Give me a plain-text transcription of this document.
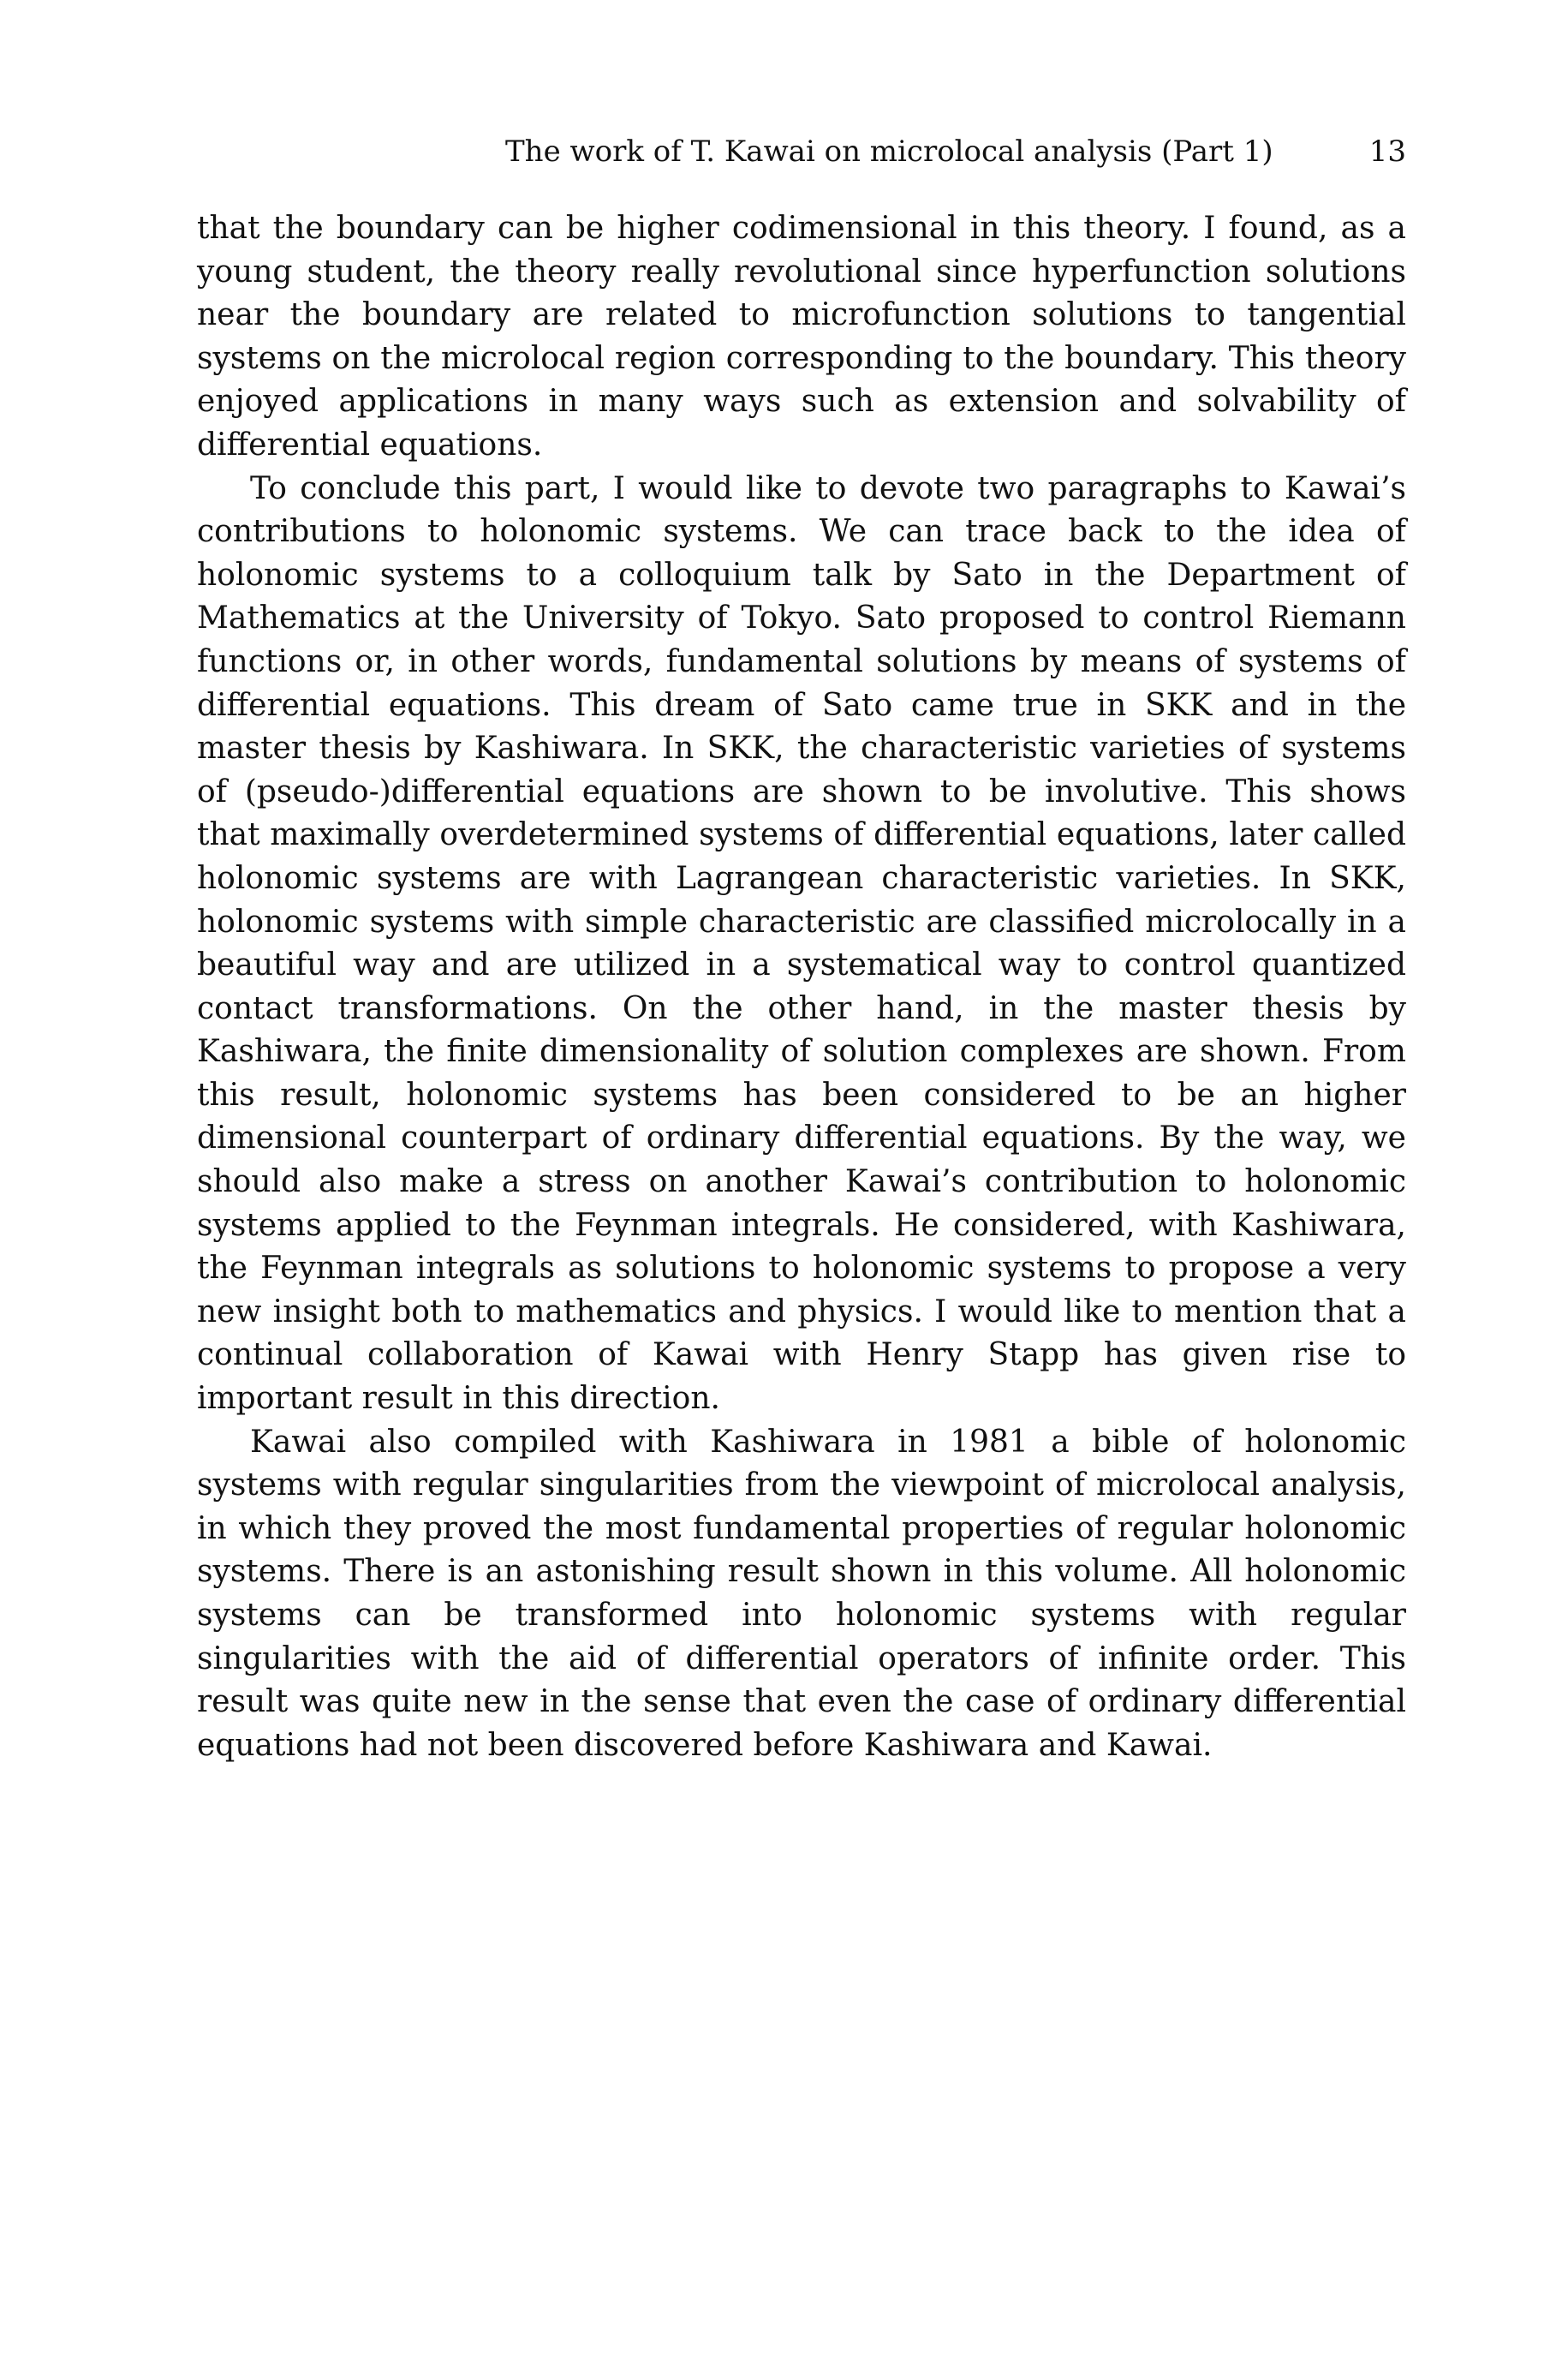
The work of T. Kawai on microlocal analysis (Part 1)	13

that the boundary can be higher codimensional in this theory. I found, as a young student, the theory really revolutional since hyperfunction solutions near the boundary are related to microfunction solutions to tangential systems on the microlocal region corresponding to the boundary. This theory enjoyed applications in many ways such as extension and solvability of differential equations.

To conclude this part, I would like to devote two paragraphs to Kawai’s contributions to holonomic systems. We can trace back to the idea of holonomic systems to a colloquium talk by Sato in the Department of Mathematics at the University of Tokyo. Sato proposed to control Riemann functions or, in other words, fundamental solutions by means of systems of differential equations. This dream of Sato came true in SKK and in the master thesis by Kashiwara. In SKK, the characteristic varieties of systems of (pseudo-)differential equations are shown to be involutive. This shows that maximally overdetermined systems of differential equations, later called holonomic systems are with Lagrangean characteristic varieties. In SKK, holonomic systems with simple characteristic are classified microlocally in a beautiful way and are utilized in a systematical way to control quantized contact transformations. On the other hand, in the master thesis by Kashiwara, the finite dimensionality of solution complexes are shown. From this result, holonomic systems has been considered to be an higher dimensional counterpart of ordinary differential equations. By the way, we should also make a stress on another Kawai’s contribution to holonomic systems applied to the Feynman integrals. He considered, with Kashiwara, the Feynman integrals as solutions to holonomic systems to propose a very new insight both to mathematics and physics. I would like to mention that a continual collaboration of Kawai with Henry Stapp has given rise to important result in this direction.

Kawai also compiled with Kashiwara in 1981 a bible of holonomic systems with regular singularities from the viewpoint of microlocal analysis, in which they proved the most fundamental properties of regular holonomic systems. There is an astonishing result shown in this volume. All holonomic systems can be transformed into holonomic systems with regular singularities with the aid of differential operators of infinite order. This result was quite new in the sense that even the case of ordinary differential equations had not been discovered before Kashiwara and Kawai.
